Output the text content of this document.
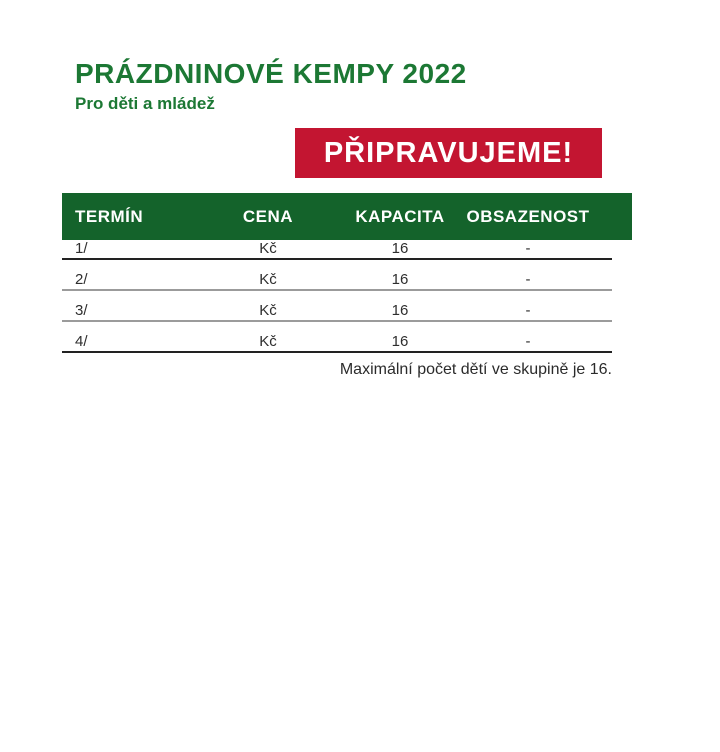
PRÁZDNINOVÉ KEMPY 2022
Pro děti a mládež
PŘIPRAVUJEME!
TERMÍN	CENA	KAPACITA	OBSAZENOST
1/	Kč	16	-
2/	Kč	16	-
3/	Kč	16	-
4/	Kč	16	-
Maximální počet dětí ve skupině je 16.
